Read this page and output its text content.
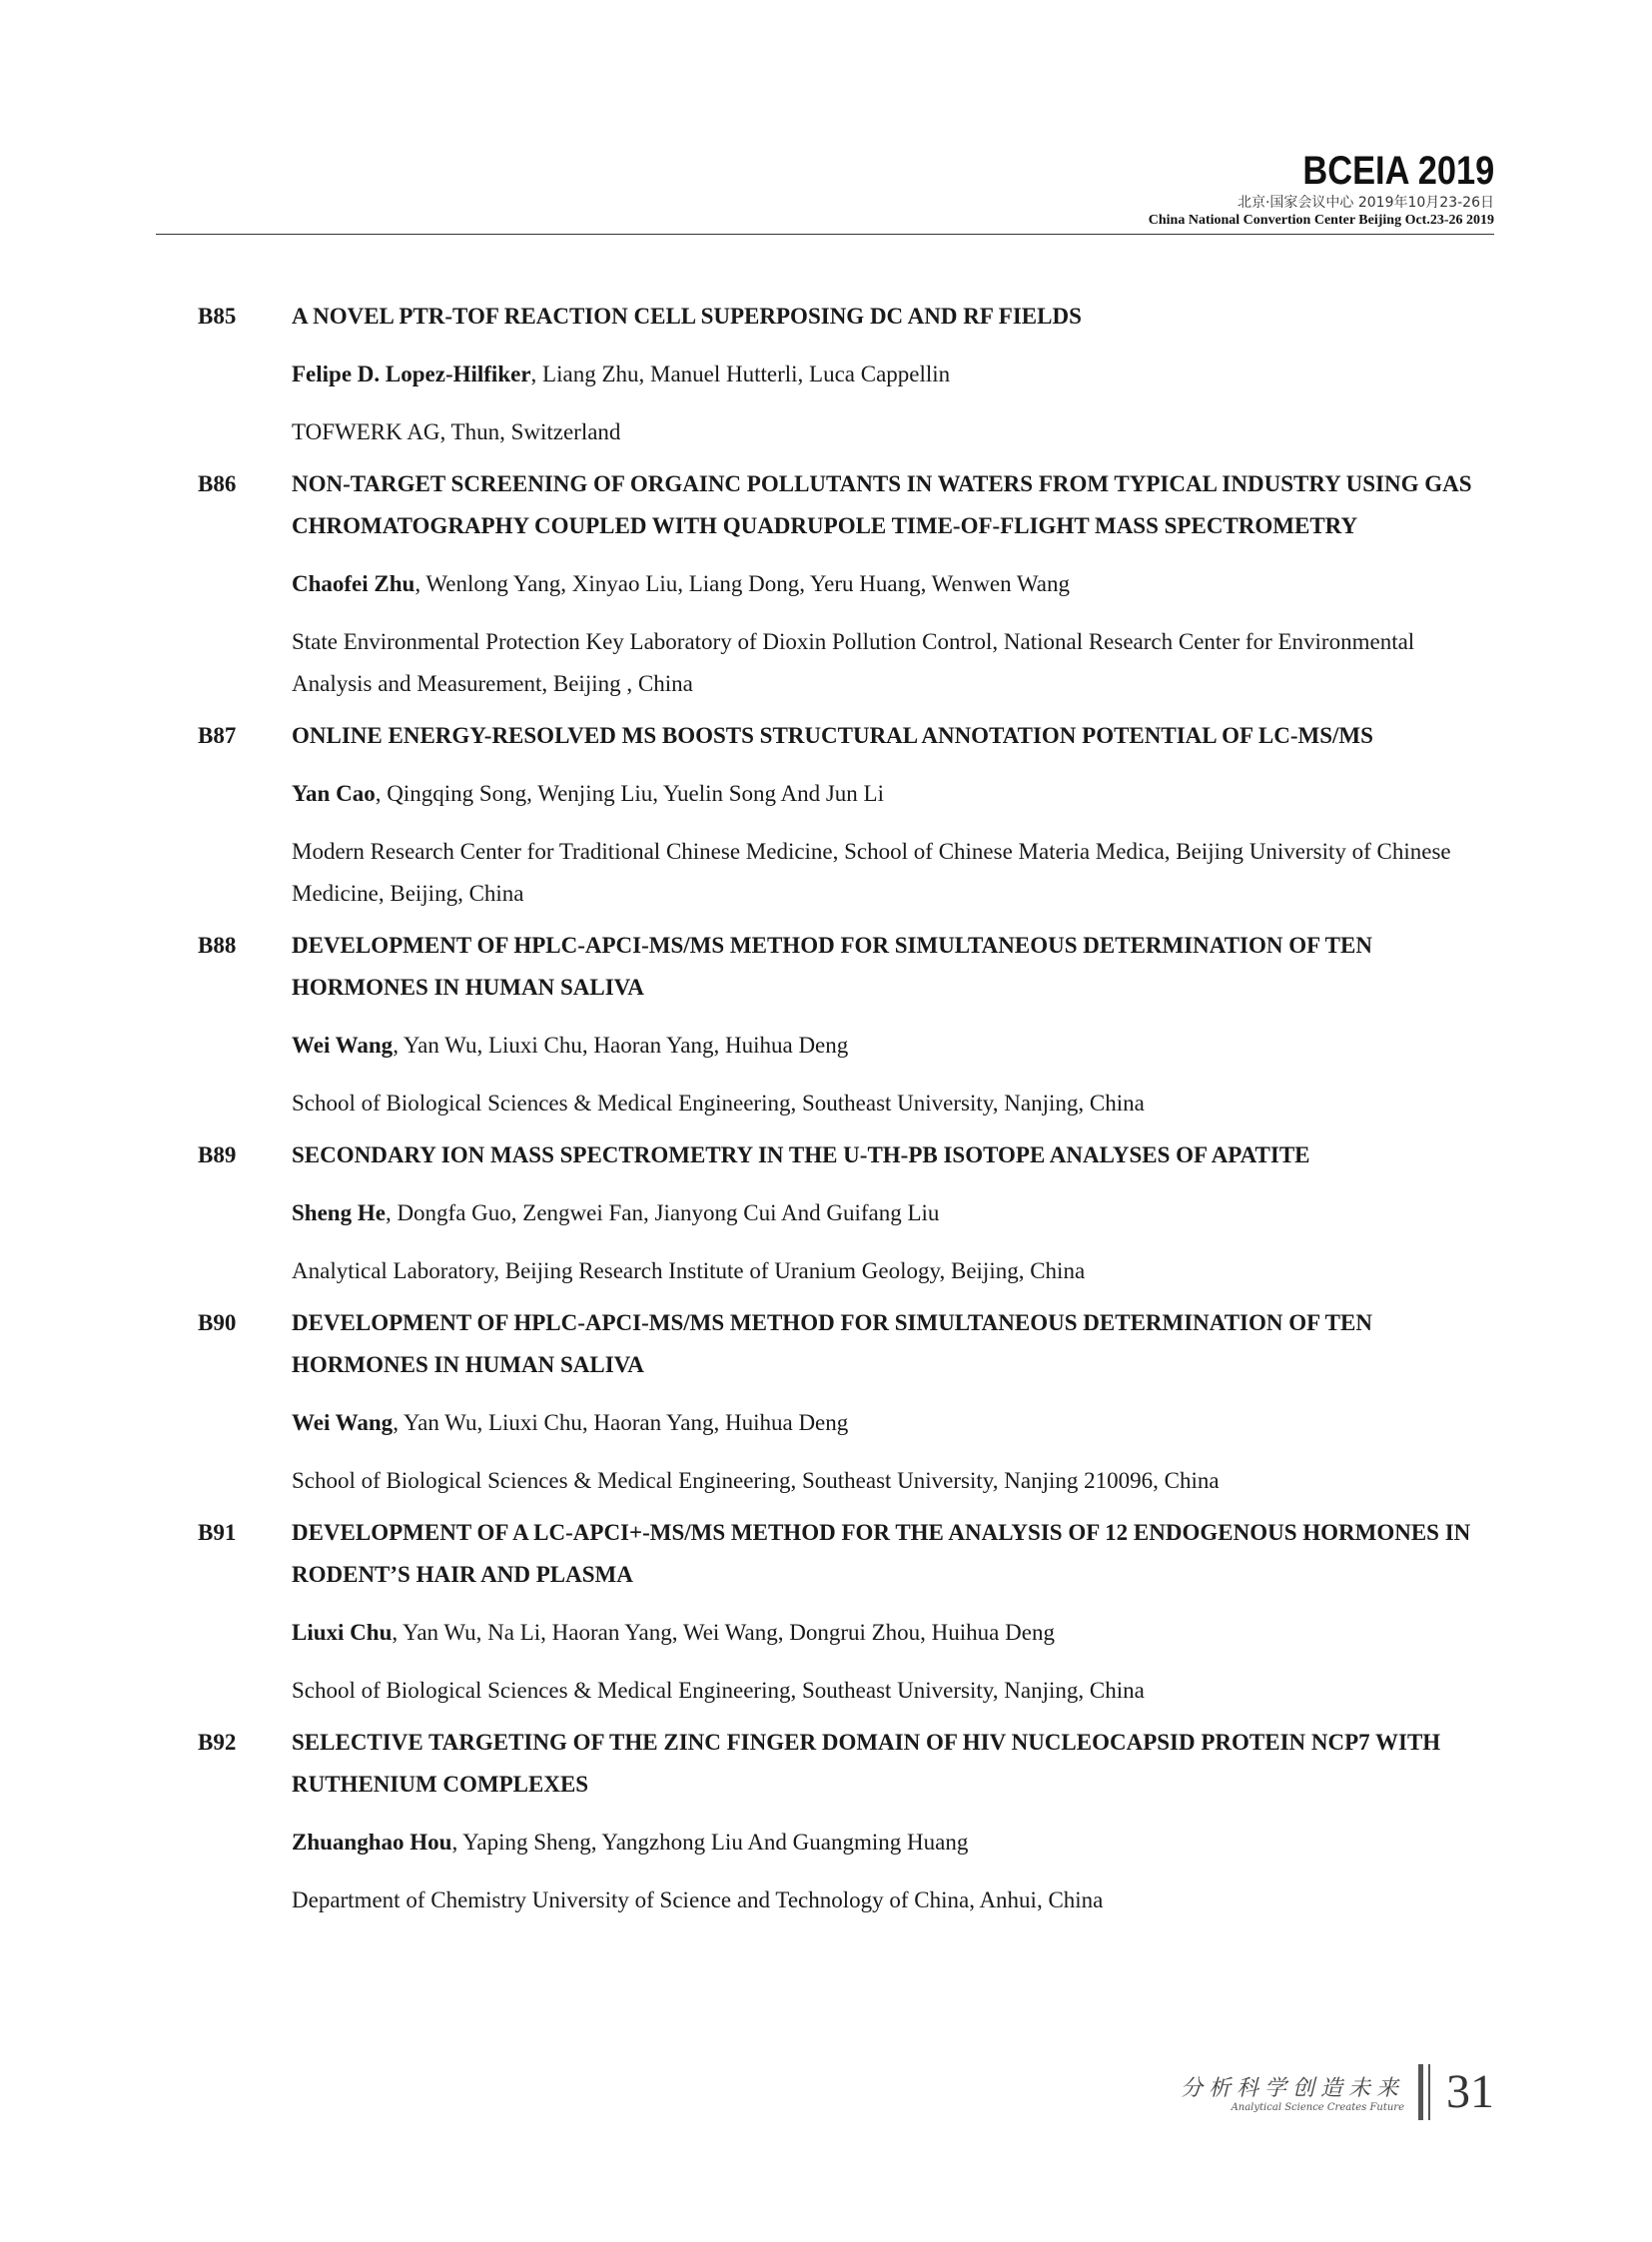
BCEIA 2019
北京·国家会议中心 2019年10月23-26日
China National Convertion Center Beijing Oct.23-26 2019
B85	A NOVEL PTR-TOF REACTION CELL SUPERPOSING DC AND RF FIELDS
Felipe D. Lopez-Hilfiker, Liang Zhu, Manuel Hutterli, Luca Cappellin
TOFWERK AG, Thun, Switzerland
B86	NON-TARGET SCREENING OF ORGAINC POLLUTANTS IN WATERS FROM TYPICAL INDUSTRY USING GAS CHROMATOGRAPHY COUPLED WITH QUADRUPOLE TIME-OF-FLIGHT MASS SPECTROMETRY
Chaofei Zhu, Wenlong Yang, Xinyao Liu, Liang Dong, Yeru Huang, Wenwen Wang
State Environmental Protection Key Laboratory of Dioxin Pollution Control, National Research Center for Environmental Analysis and Measurement, Beijing , China
B87	ONLINE ENERGY-RESOLVED MS BOOSTS STRUCTURAL ANNOTATION POTENTIAL OF LC-MS/MS
Yan Cao, Qingqing Song, Wenjing Liu, Yuelin Song And Jun Li
Modern Research Center for Traditional Chinese Medicine, School of Chinese Materia Medica, Beijing University of Chinese Medicine, Beijing, China
B88	DEVELOPMENT OF HPLC-APCI-MS/MS METHOD FOR SIMULTANEOUS DETERMINATION OF TEN HORMONES IN HUMAN SALIVA
Wei Wang, Yan Wu, Liuxi Chu, Haoran Yang, Huihua Deng
School of Biological Sciences & Medical Engineering, Southeast University, Nanjing, China
B89	SECONDARY ION MASS SPECTROMETRY IN THE U-TH-PB ISOTOPE ANALYSES OF APATITE
Sheng He, Dongfa Guo, Zengwei Fan, Jianyong Cui And Guifang Liu
Analytical Laboratory, Beijing Research Institute of Uranium Geology, Beijing, China
B90	DEVELOPMENT OF HPLC-APCI-MS/MS METHOD FOR SIMULTANEOUS DETERMINATION OF TEN HORMONES IN HUMAN SALIVA
Wei Wang, Yan Wu, Liuxi Chu, Haoran Yang, Huihua Deng
School of Biological Sciences & Medical Engineering, Southeast University, Nanjing 210096, China
B91	DEVELOPMENT OF A LC-APCI+-MS/MS METHOD FOR THE ANALYSIS OF 12 ENDOGENOUS HORMONES IN RODENT’S HAIR AND PLASMA
Liuxi Chu, Yan Wu, Na Li, Haoran Yang, Wei Wang, Dongrui Zhou, Huihua Deng
School of Biological Sciences & Medical Engineering, Southeast University, Nanjing, China
B92	SELECTIVE TARGETING OF THE ZINC FINGER DOMAIN OF HIV NUCLEOCAPSID PROTEIN NCP7 WITH RUTHENIUM COMPLEXES
Zhuanghao Hou, Yaping Sheng, Yangzhong Liu And Guangming Huang
Department of Chemistry University of Science and Technology of China, Anhui, China
分析科学创造未来
Analytical Science Creates Future 31
